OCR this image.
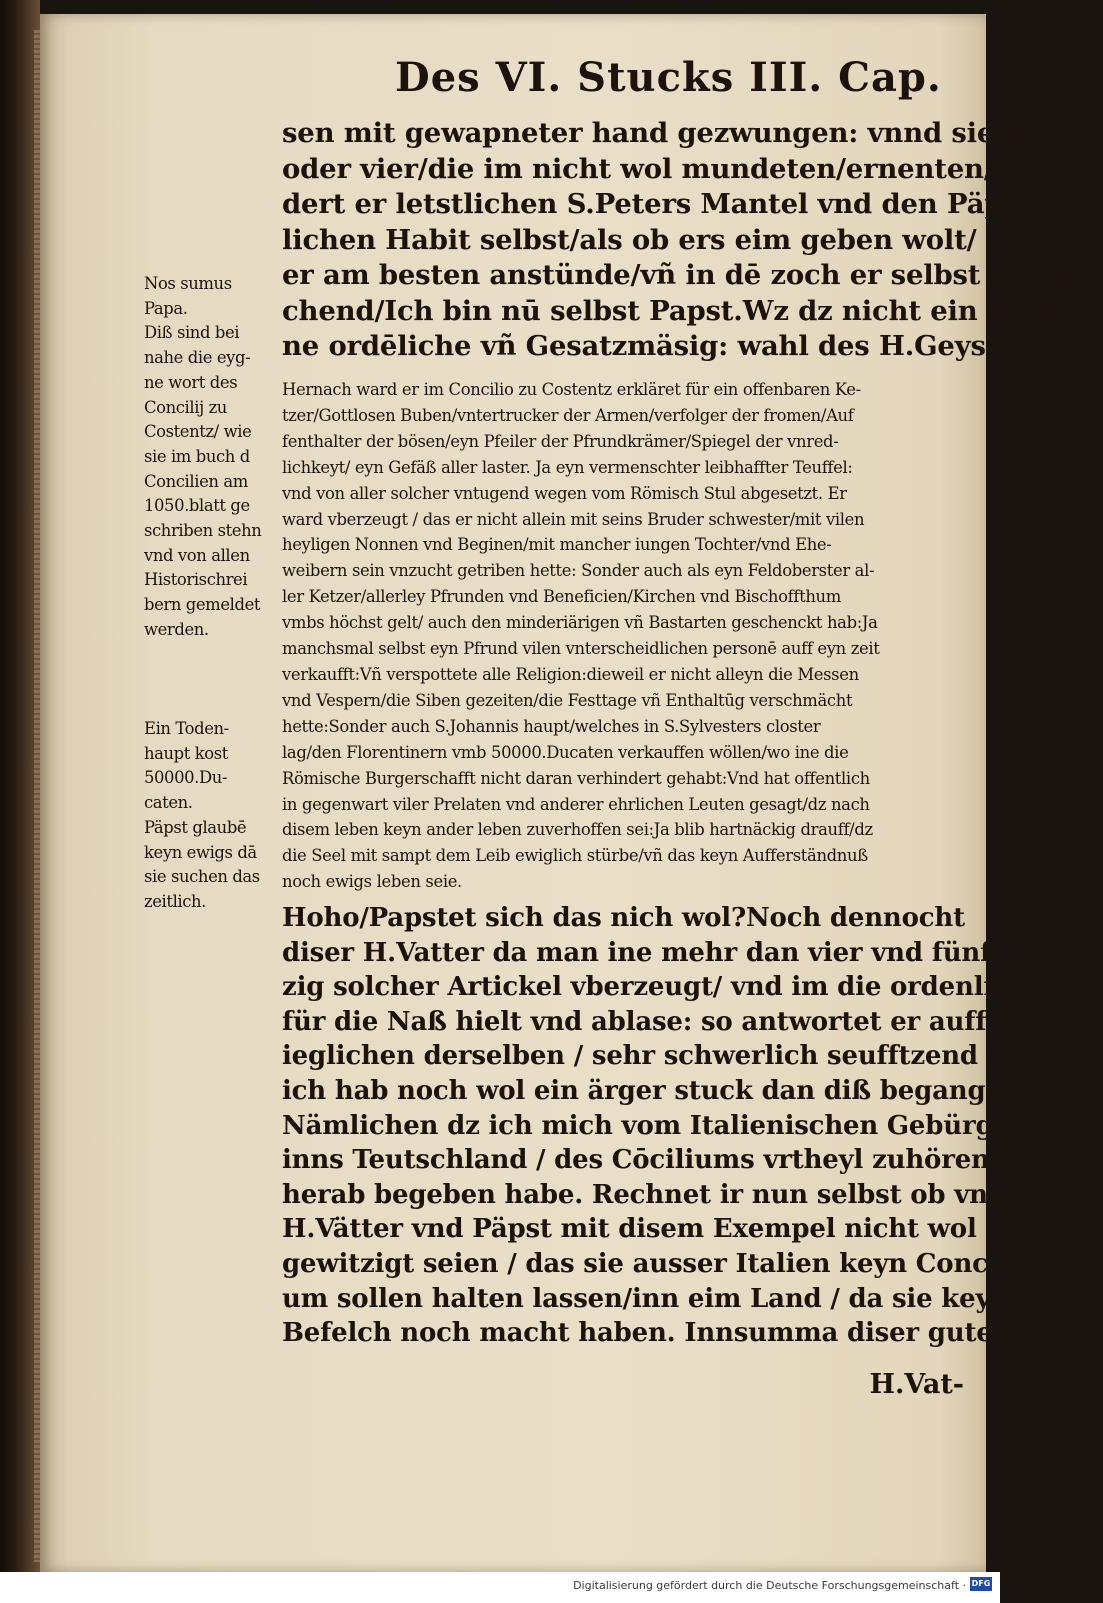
Des VI. Stucks III. Cap.
sen mit gewapneter hand gezwungen: vnnd sie trei
oder vier/die im nicht wol mundeten/ernenten/for
dert er letstlichen S.Peters Mantel vnd den Päpst
lichen Habit selbst/als ob ers eim geben wolt/ dem
er am besten anstünde/vñ in dē zoch er selbst an/spre
chend/Ich bin nū selbst Papst.Wz dz nicht ein schō
ne ordēliche vñ Gesatzmäsig: wahl des H.Geysts?
Hernach ward er im Concilio zu Costentz erkläret für ein offenbaren Ke-
tzer/Gottlosen Buben/vntertrucker der Armen/verfolger der fromen/Auf
fenthalter der bösen/eyn Pfeiler der Pfrundkrämer/Spiegel der vnred-
lichkeyt/ eyn Gefäß aller laster. Ja eyn vermenschter leibhaffter Teuffel:
vnd von aller solcher vntugend wegen vom Römisch Stul abgesetzt. Er
ward vberzeugt / das er nicht allein mit seins Bruder schwester/mit vilen
heyligen Nonnen vnd Beginen/mit mancher iungen Tochter/vnd Ehe-
weibern sein vnzucht getriben hette: Sonder auch als eyn Feldoberster al-
ler Ketzer/allerley Pfrunden vnd Beneficien/Kirchen vnd Bischoffthum
vmbs höchst gelt/ auch den minderiärigen vñ Bastarten geschenckt hab:Ja
manchsmal selbst eyn Pfrund vilen vnterscheidlichen personē auff eyn zeit
verkaufft:Vñ verspottete alle Religion:dieweil er nicht alleyn die Messen
vnd Vespern/die Siben gezeiten/die Festtage vñ Enthaltūg verschmächt
hette:Sonder auch S.Johannis haupt/welches in S.Sylvesters closter
lag/den Florentinern vmb 50000.Ducaten verkauffen wöllen/wo ine die
Römische Burgerschafft nicht daran verhindert gehabt:Vnd hat offentlich
in gegenwart viler Prelaten vnd anderer ehrlichen Leuten gesagt/dz nach
disem leben keyn ander leben zuverhoffen sei:Ja blib hartnäckig drauff/dz
die Seel mit sampt dem Leib ewiglich stürbe/vñ das keyn Aufferständnuß
noch ewigs leben seie.
Hoho/Papstet sich das nich wol?Noch dennocht
diser H.Vatter da man ine mehr dan vier vnd fünff
zig solcher Artickel vberzeugt/ vnd im die ordenlich
für die Naß hielt vnd ablase: so antwortet er auff ein
ieglichen derselben / sehr schwerlich seufftzend / Ach
ich hab noch wol ein ärger stuck dan diß begangen/
Nämlichen dz ich mich vom Italienischen Gebürg
inns Teutschland / des Cōciliums vrtheyl zuhören/
herab begeben habe. Rechnet ir nun selbst ob vnser
H.Vätter vnd Päpst mit disem Exempel nicht wol
gewitzigt seien / das sie ausser Italien keyn Concili-
um sollen halten lassen/inn eim Land / da sie keyn
Befelch noch macht haben. Innsumma diser gute
H.Vat-
Nos sumus
Papa.
Diß sind bei
nahe die eyg-
ne wort des
Concilij zu
Costentz/ wie
sie im buch d
Concilien am
1050.blatt ge
schriben stehn
vnd von allen
Historischrei
bern gemeldet
werden.
Ein Toden-
haupt kost
50000.Du-
caten.
Päpst glaubē
keyn ewigs dā
sie suchen das
zeitlich.
Digitalisierung gefördert durch die Deutsche Forschungsgemeinschaft · DFG
